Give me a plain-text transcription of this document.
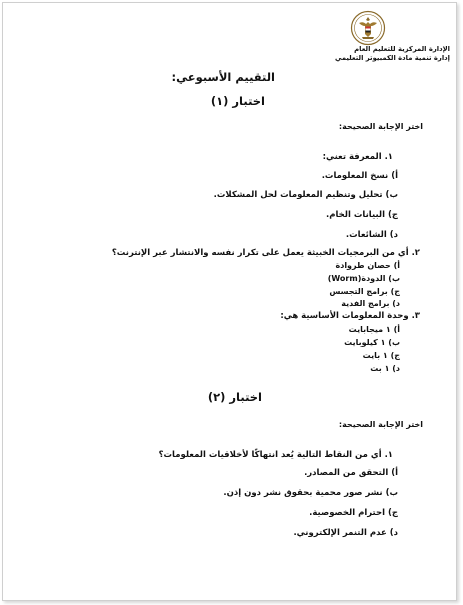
الإدارة المركزية للتعليم العام
إدارة تنمية مادة الكمبيوتر التعليمي
التقييم الأسبوعي:
اختبار (١)
اختر الإجابة الصحيحة:
١. المعرفة تعني:
أ) نسخ المعلومات.
ب) تحليل وتنظيم المعلومات لحل المشكلات.
ج) البيانات الخام.
د) الشائعات.
٢. أي من البرمجيات الخبيثة يعمل على تكرار نفسه والانتشار عبر الإنترنت؟
أ) حصان طروادة
ب) الدودة(Worm)
ج) برامج التجسس
د) برامج الفدية
٣. وحدة المعلومات الأساسية هي:
أ) ١ ميجابايت
ب) ١ كيلوبايت
ج) ١ بايت
د) ١ بت
اختبار (٢)
اختر الإجابة الصحيحة:
١. أي من النقاط التالية يُعد انتهاكًا لأخلاقيات المعلومات؟
أ) التحقق من المصادر.
ب) نشر صور محمية بحقوق نشر دون إذن.
ج) احترام الخصوصية.
د) عدم التنمر الإلكتروني.
